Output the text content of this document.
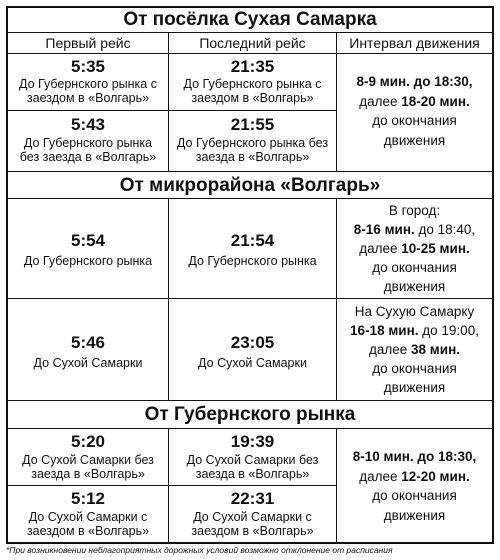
От посёлка Сухая Самарка
Первый рейс	Последний рейс	Интервал движения
5:35
До Губернского рынка с заездом в «Волгарь»
21:35
До Губернского рынка с заездом в «Волгарь»
5:43
До Губернского рынка без заезда в «Волгарь»
21:55
До Губернского рынка без заезда в «Волгарь»
8-9 мин. до 18:30,
далее 18-20 мин.
до окончания
движения
От микрорайона «Волгарь»
5:54
До Губернского рынка
21:54
До Губернского рынка
В город:
8-16 мин. до 18:40,
далее 10-25 мин.
до окончания
движения
5:46
До Сухой Самарки
23:05
До Сухой Самарки
На Сухую Самарку
16-18 мин. до 19:00,
далее 38 мин.
до окончания
движения
От Губернского рынка
5:20
До Сухой Самарки без заезда в «Волгарь»
19:39
До Сухой Самарки без заезда в «Волгарь»
5:12
До Сухой Самарки с заездом в «Волгарь»
22:31
До Сухой Самарки с заездом в «Волгарь»
8-10 мин. до 18:30,
далее 12-20 мин.
до окончания
движения
*При возникновении неблагоприятных дорожных условий возможно отклонение от расписания
